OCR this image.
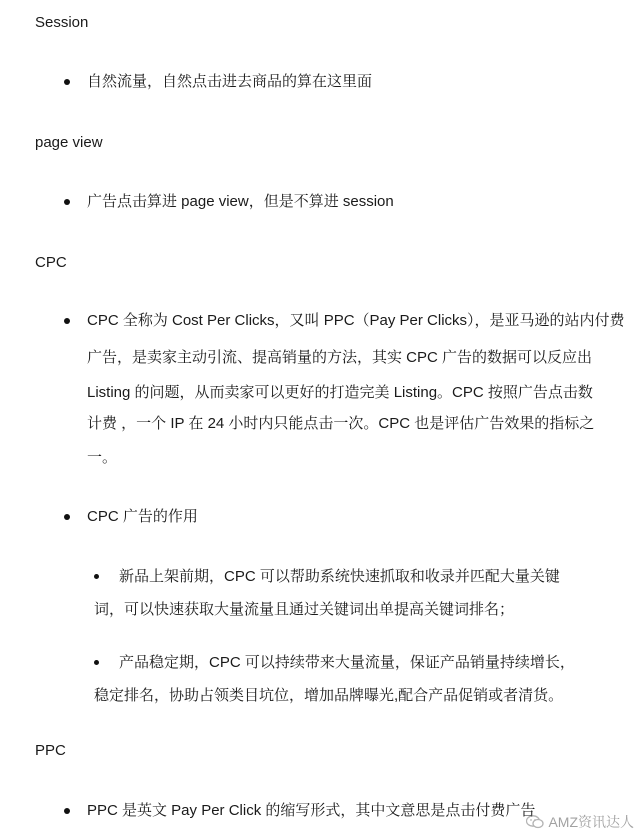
Session
自然流量，自然点击进去商品的算在这里面
page view
广告点击算进 page view，但是不算进 session
CPC
CPC 全称为 Cost Per Clicks，又叫 PPC（Pay Per Clicks），是亚马逊的站内付费
广告，是卖家主动引流、提高销量的方法，其实 CPC 广告的数据可以反应出
Listing 的问题，从而卖家可以更好的打造完美 Listing。CPC 按照广告点击数
计费 ，一个 IP 在 24 小时内只能点击一次。CPC 也是评估广告效果的指标之
一。
CPC 广告的作用
新品上架前期，CPC 可以帮助系统快速抓取和收录并匹配大量关键
词，可以快速获取大量流量且通过关键词出单提高关键词排名；
产品稳定期，CPC 可以持续带来大量流量，保证产品销量持续增长，
稳定排名，协助占领类目坑位，增加品牌曝光,配合产品促销或者清货。
PPC
PPC 是英文 Pay Per Click 的缩写形式，其中文意思是点击付费广告
AMZ资讯达人
